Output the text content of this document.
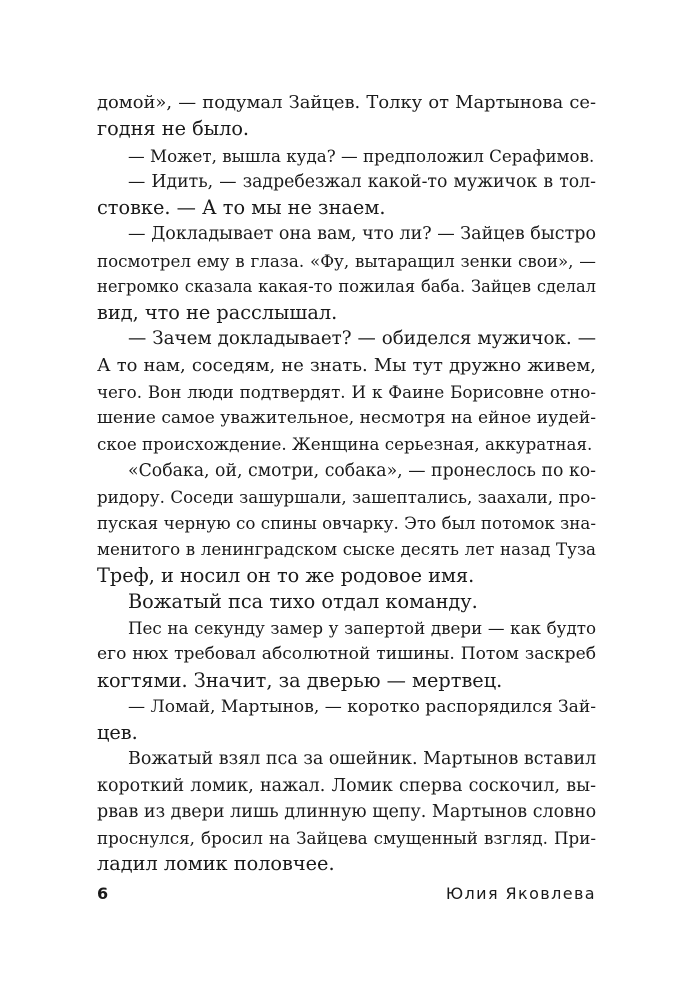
домой», — подумал Зайцев. Толку от Мартынова се-
годня не было.
— Может, вышла куда? — предположил Серафимов.
— Идить, — задребезжал какой-то мужичок в тол-
стовке. — А то мы не знаем.
— Докладывает она вам, что ли? — Зайцев быстро
посмотрел ему в глаза. «Фу, вытаращил зенки свои», —
негромко сказала какая-то пожилая баба. Зайцев сделал
вид, что не расслышал.
— Зачем докладывает? — обиделся мужичок. —
А то нам, соседям, не знать. Мы тут дружно живем,
чего. Вон люди подтвердят. И к Фаине Борисовне отно-
шение самое уважительное, несмотря на ейное иудей-
ское происхождение. Женщина серьезная, аккуратная.
«Собака, ой, смотри, собака», — пронеслось по ко-
ридору. Соседи зашуршали, зашептались, заахали, про-
пуская черную со спины овчарку. Это был потомок зна-
менитого в ленинградском сыске десять лет назад Туза
Треф, и носил он то же родовое имя.
Вожатый пса тихо отдал команду.
Пес на секунду замер у запертой двери — как будто
его нюх требовал абсолютной тишины. Потом заскреб
когтями. Значит, за дверью — мертвец.
— Ломай, Мартынов, — коротко распорядился Зай-
цев.
Вожатый взял пса за ошейник. Мартынов вставил
короткий ломик, нажал. Ломик сперва соскочил, вы-
рвав из двери лишь длинную щепу. Мартынов словно
проснулся, бросил на Зайцева смущенный взгляд. При-
ладил ломик половчее.
6	Юлия Яковлева
